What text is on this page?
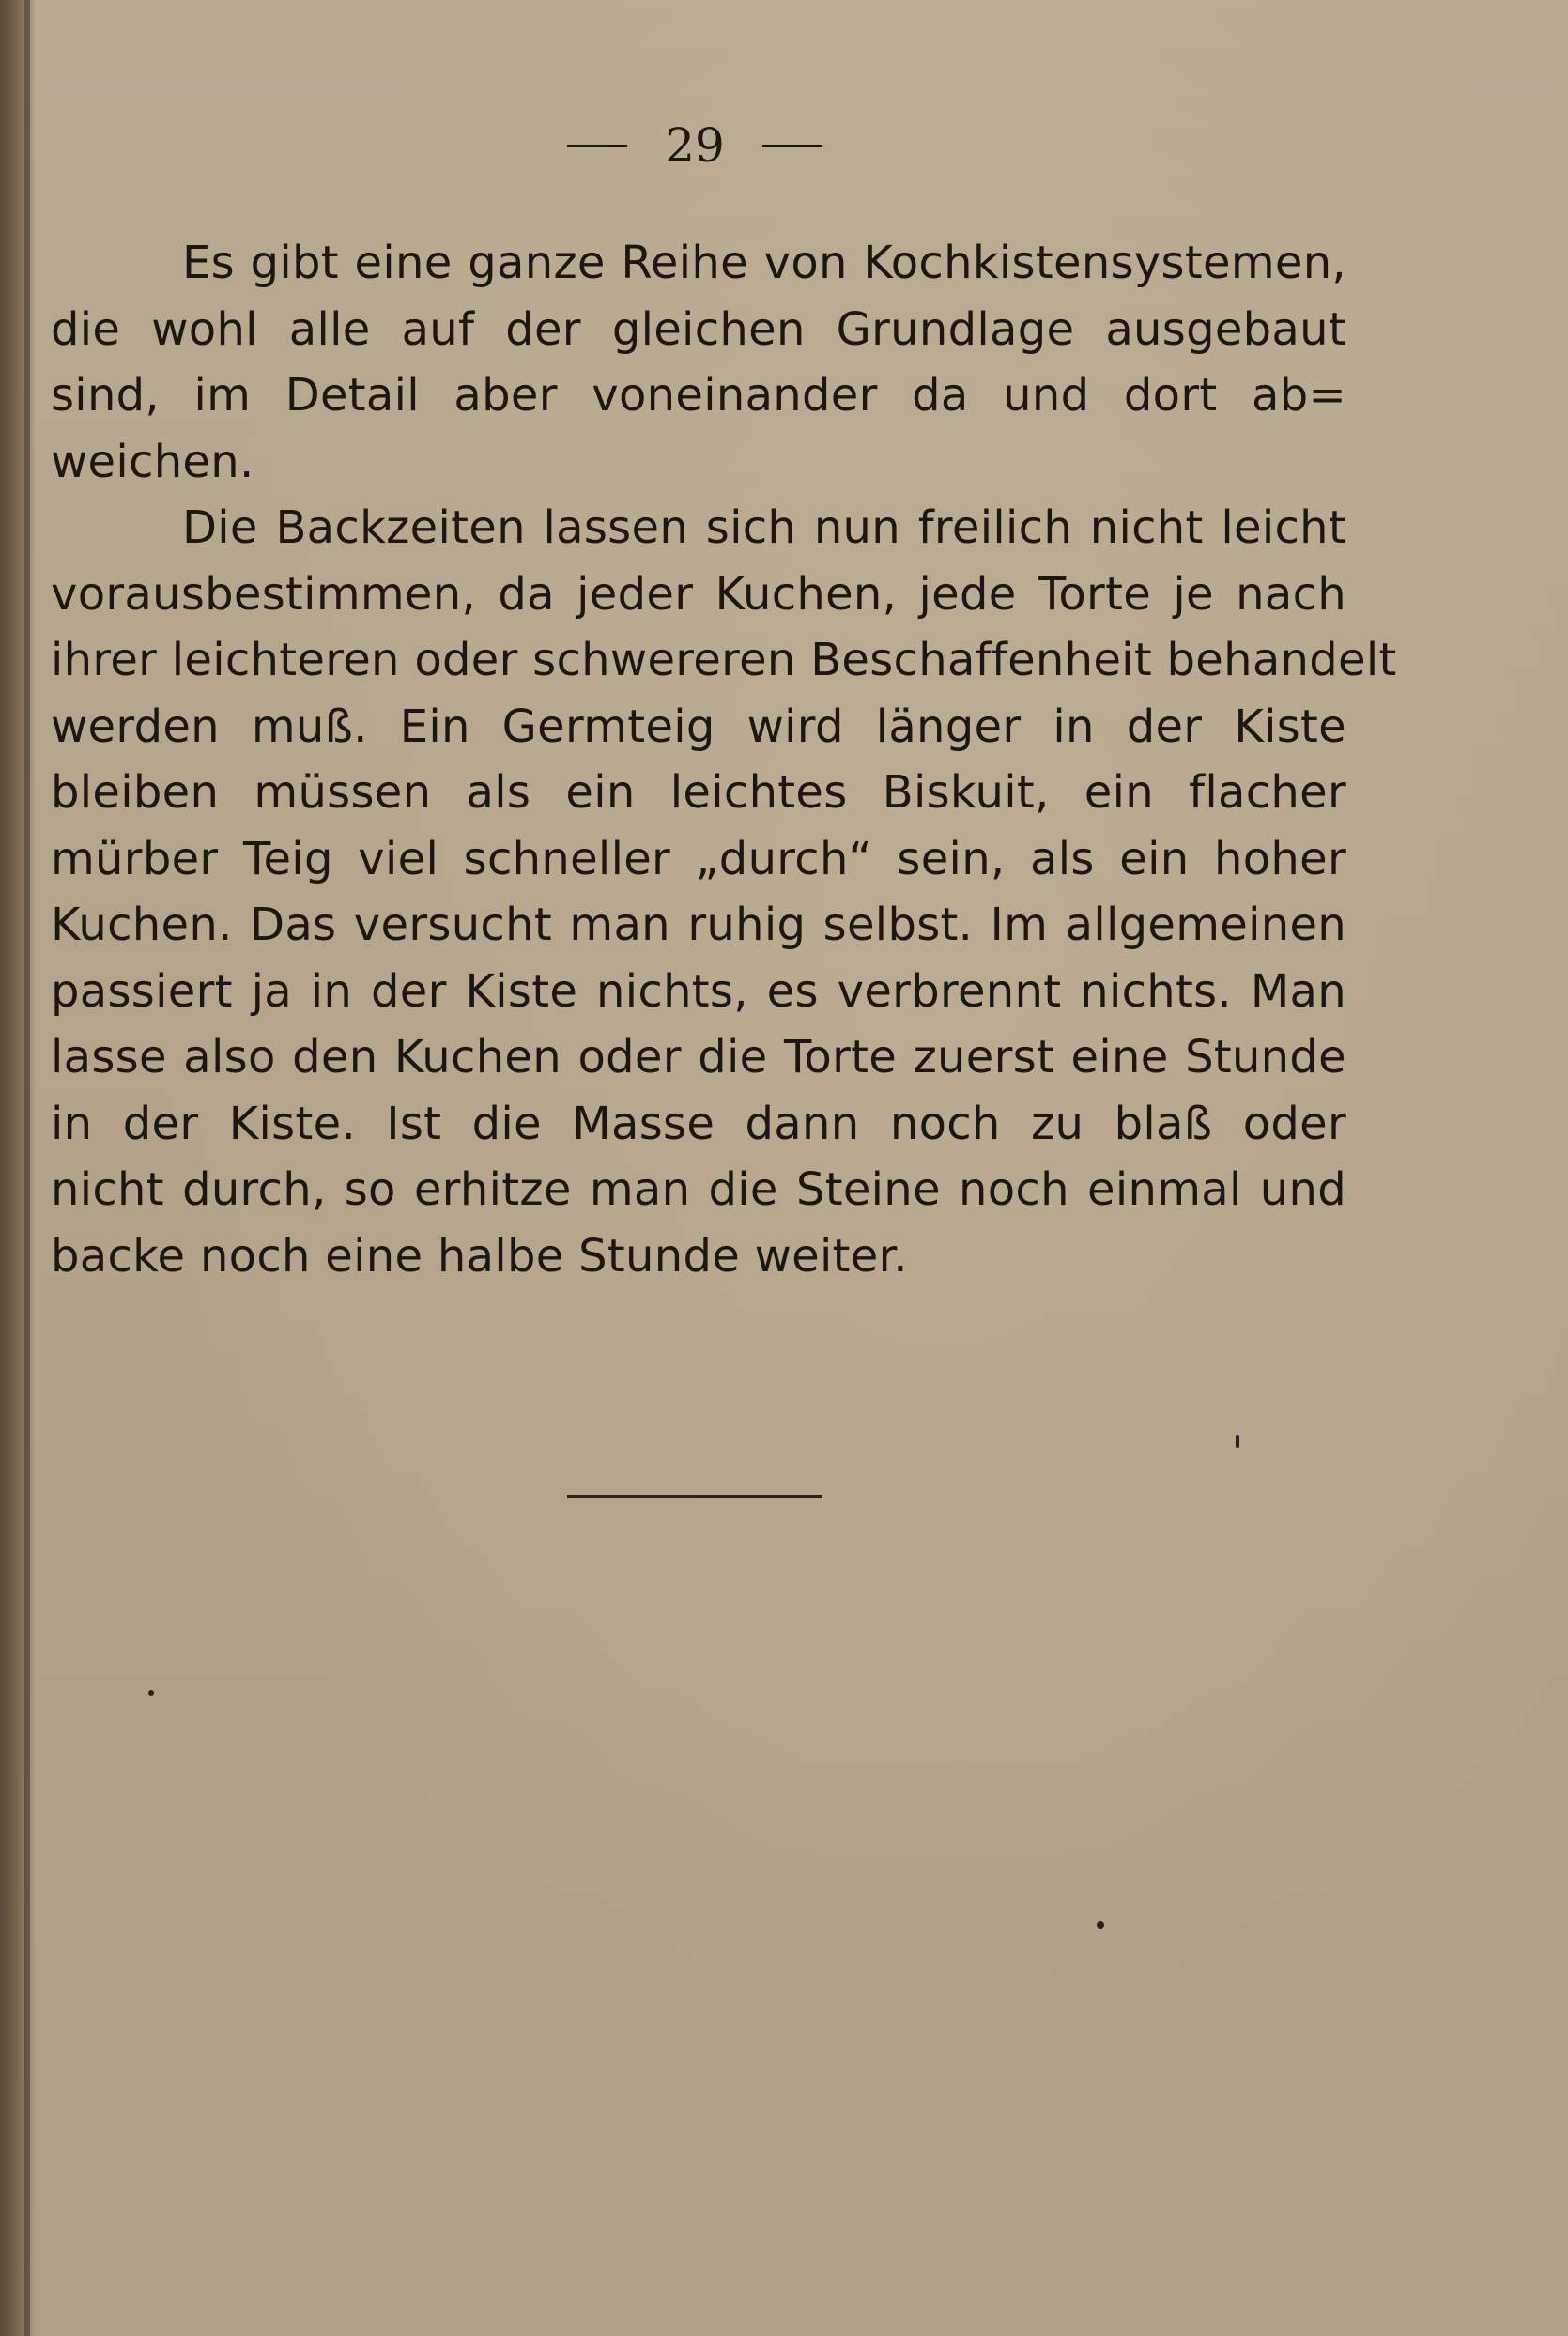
29

Es gibt eine ganze Reihe von Kochkistensystemen,
die wohl alle auf der gleichen Grundlage ausgebaut
sind, im Detail aber voneinander da und dort ab=
weichen.

Die Backzeiten lassen sich nun freilich nicht leicht
vorausbestimmen, da jeder Kuchen, jede Torte je nach
ihrer leichteren oder schwereren Beschaffenheit behandelt
werden muß. Ein Germteig wird länger in der Kiste
bleiben müssen als ein leichtes Biskuit, ein flacher
mürber Teig viel schneller „durch“ sein, als ein hoher
Kuchen. Das versucht man ruhig selbst. Im allgemeinen
passiert ja in der Kiste nichts, es verbrennt nichts. Man
lasse also den Kuchen oder die Torte zuerst eine Stunde
in der Kiste. Ist die Masse dann noch zu blaß oder
nicht durch, so erhitze man die Steine noch einmal und
backe noch eine halbe Stunde weiter.
